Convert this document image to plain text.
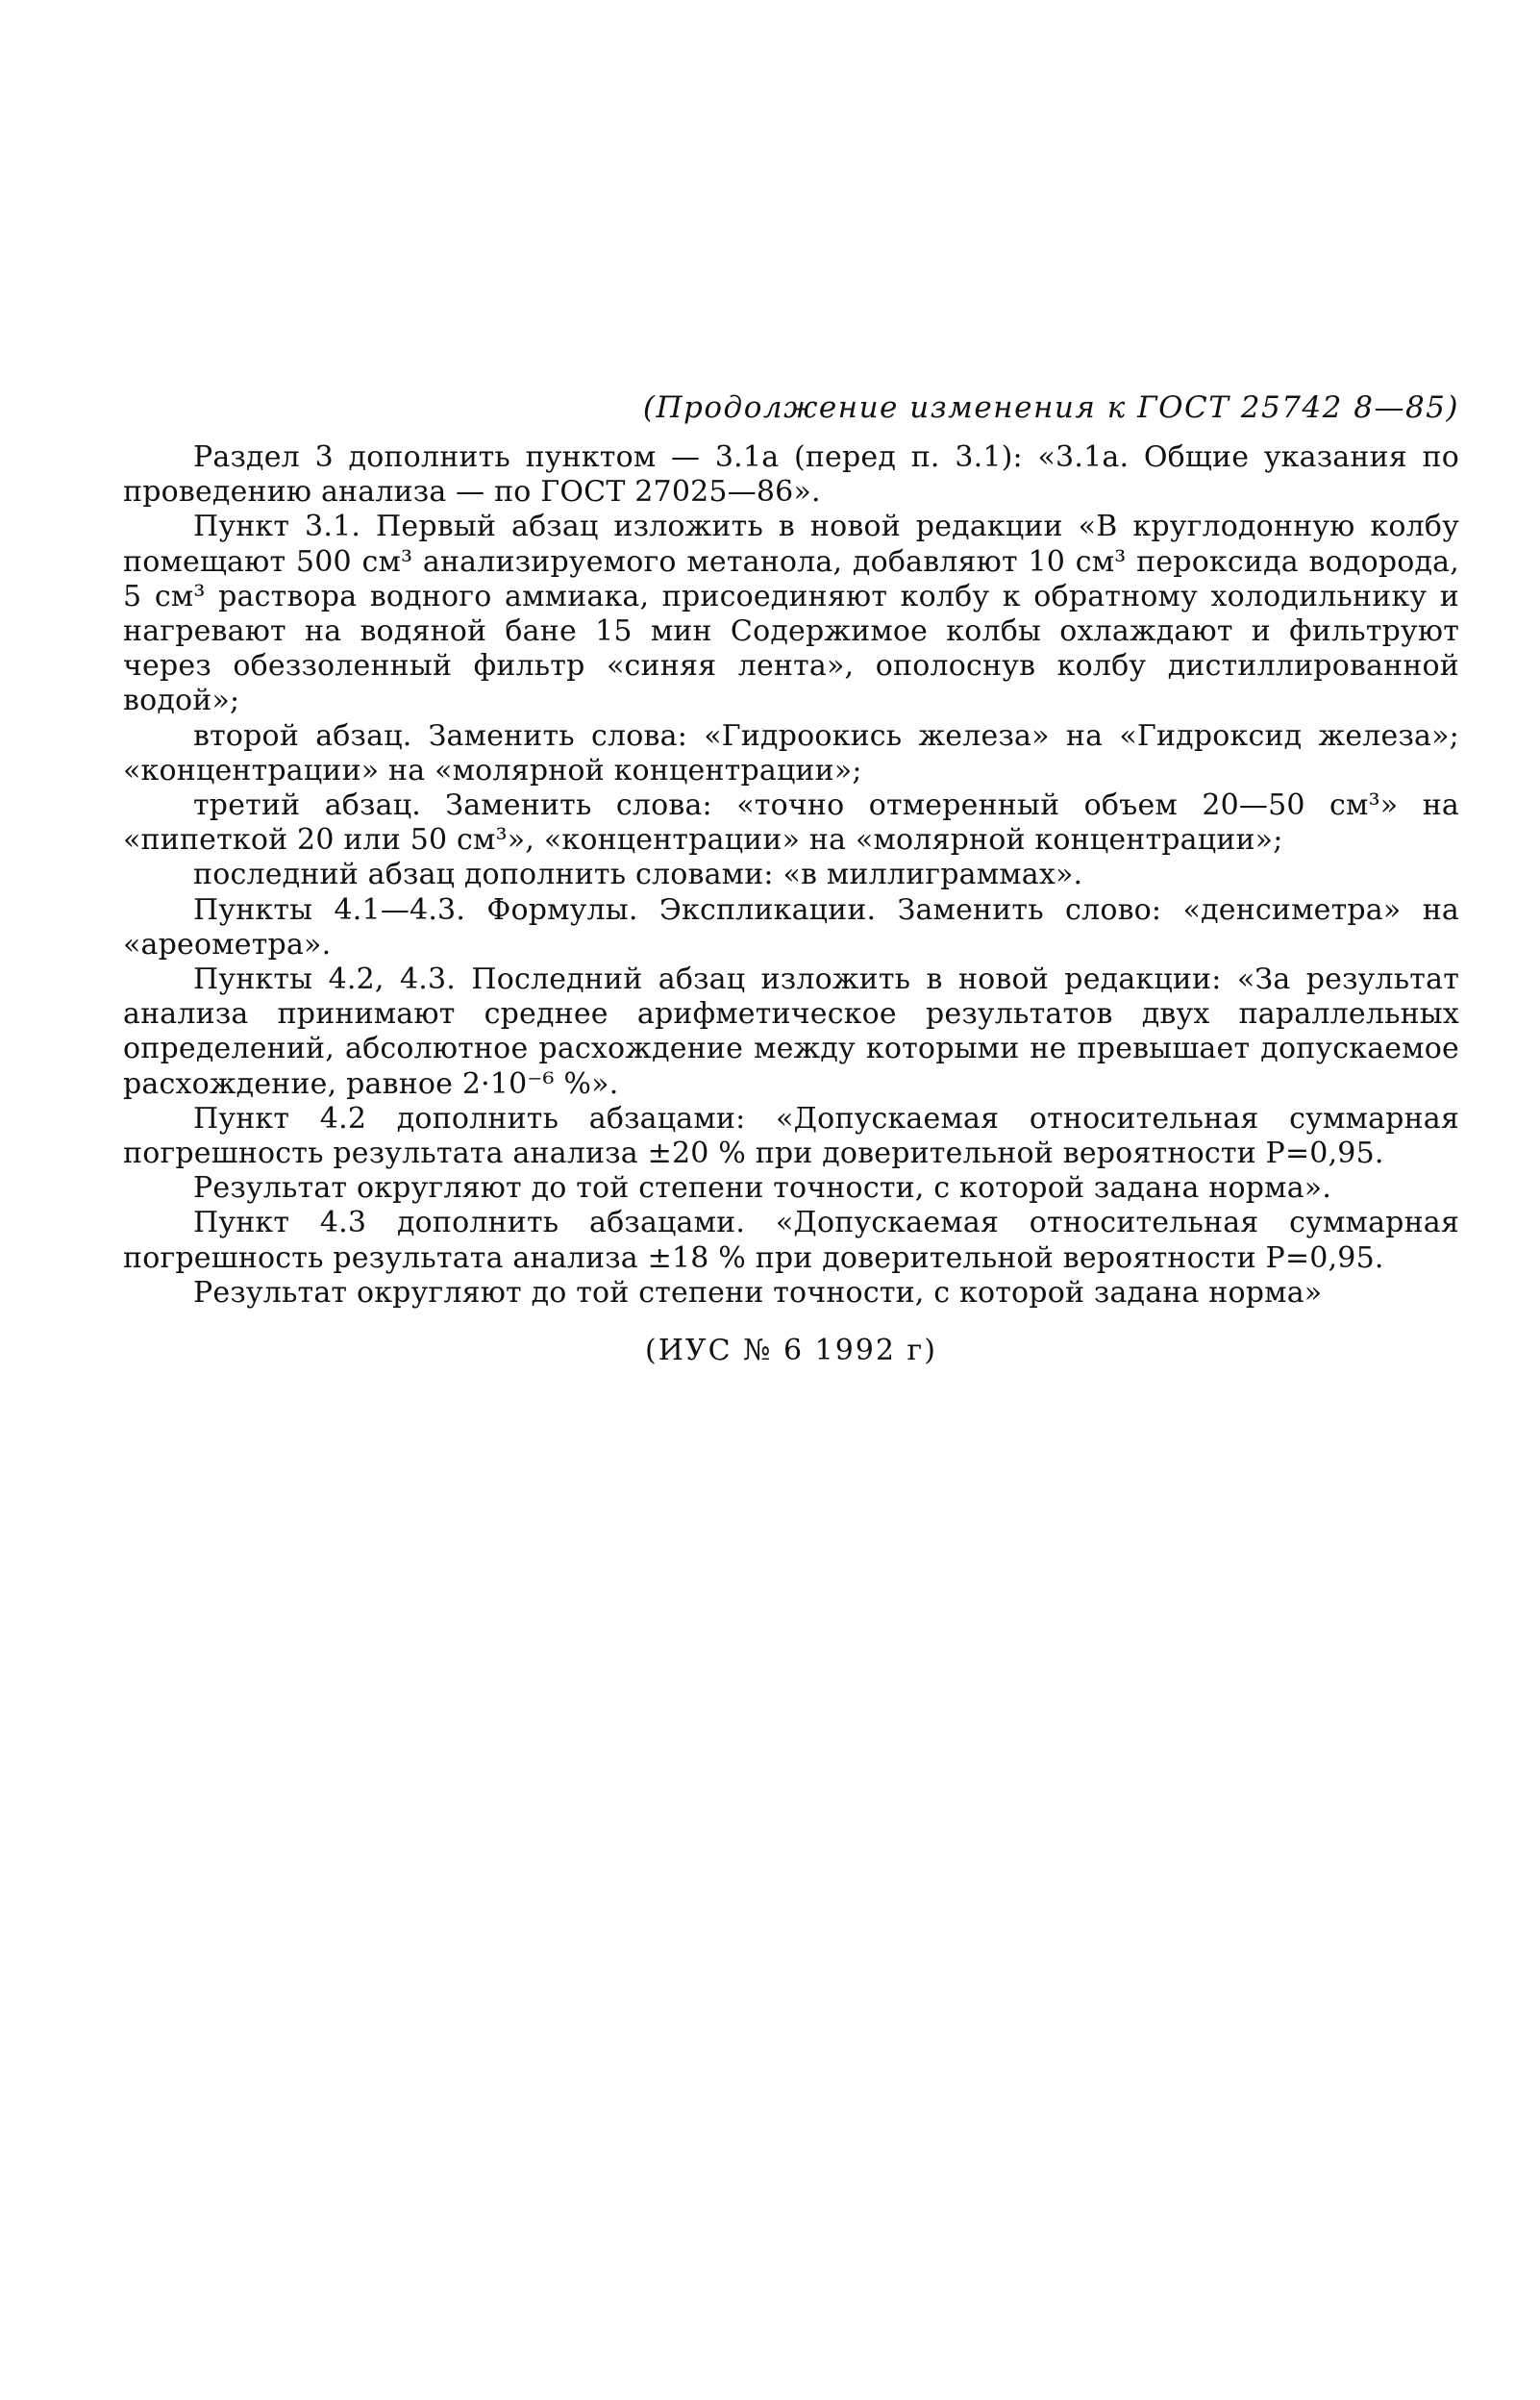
(Продолжение изменения к ГОСТ 25742 8—85)

Раздел 3 дополнить пунктом — 3.1а (перед п. 3.1): «3.1а. Общие указания по проведению анализа — по ГОСТ 27025—86».

Пункт 3.1. Первый абзац изложить в новой редакции «В круглодонную колбу помещают 500 см³ анализируемого метанола, добавляют 10 см³ пероксида водорода, 5 см³ раствора водного аммиака, присоединяют колбу к обратному холодильнику и нагревают на водяной бане 15 мин Содержимое колбы охлаждают и фильтруют через обеззоленный фильтр «синяя лента», ополоснув колбу дистиллированной водой»;

второй абзац. Заменить слова: «Гидроокись железа» на «Гидроксид железа»; «концентрации» на «молярной концентрации»;

третий абзац. Заменить слова: «точно отмеренный объем 20—50 см³» на «пипеткой 20 или 50 см³», «концентрации» на «молярной концентрации»;

последний абзац дополнить словами: «в миллиграммах».

Пункты 4.1—4.3. Формулы. Экспликации. Заменить слово: «денсиметра» на «ареометра».

Пункты 4.2, 4.3. Последний абзац изложить в новой редакции: «За результат анализа принимают среднее арифметическое результатов двух параллельных определений, абсолютное расхождение между которыми не превышает допускаемое расхождение, равное 2·10⁻⁶ %».

Пункт 4.2 дополнить абзацами: «Допускаемая относительная суммарная погрешность результата анализа ±20 % при доверительной вероятности Р=0,95.

Результат округляют до той степени точности, с которой задана норма».

Пункт 4.3 дополнить абзацами. «Допускаемая относительная суммарная погрешность результата анализа ±18 % при доверительной вероятности Р=0,95.

Результат округляют до той степени точности, с которой задана норма»

(ИУС № 6 1992 г)
